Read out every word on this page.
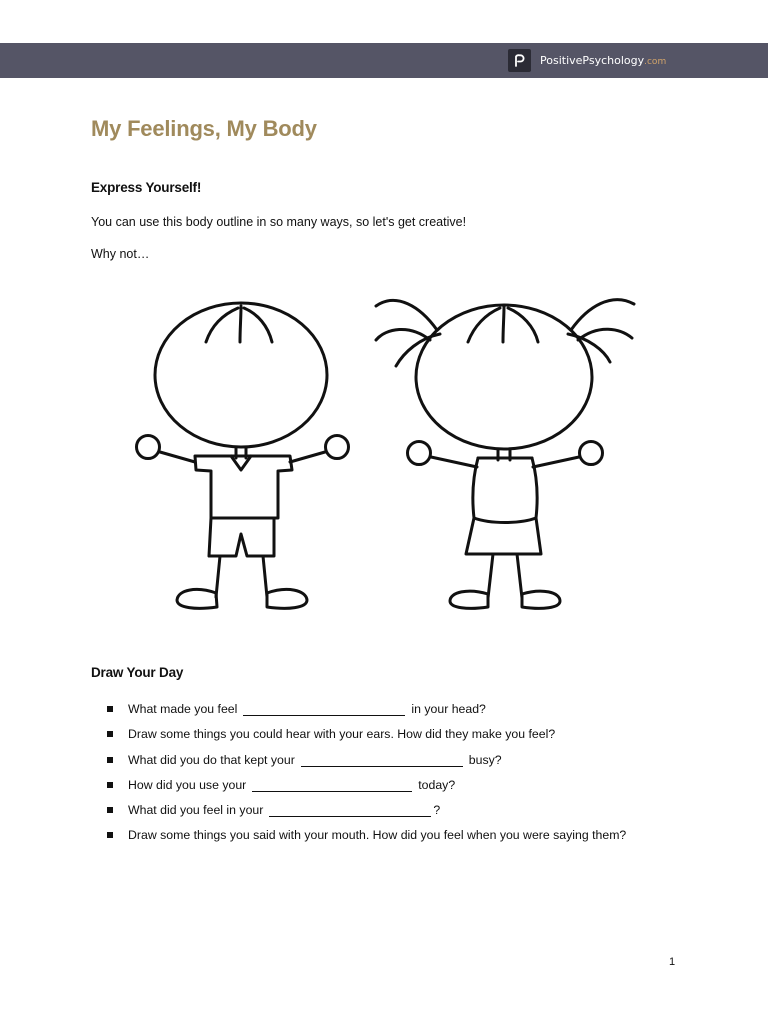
PositivePsychology.com
My Feelings, My Body
Express Yourself!

You can use this body outline in so many ways, so let's get creative!

Why not…

Draw Your Day
What made you feel	in your head?
Draw some things you could hear with your ears. How did they make you feel?
What did you do that kept your	busy?
How did you use your	today?
What did you feel in your	?
Draw some things you said with your mouth. How did you feel when you were saying them?
1
